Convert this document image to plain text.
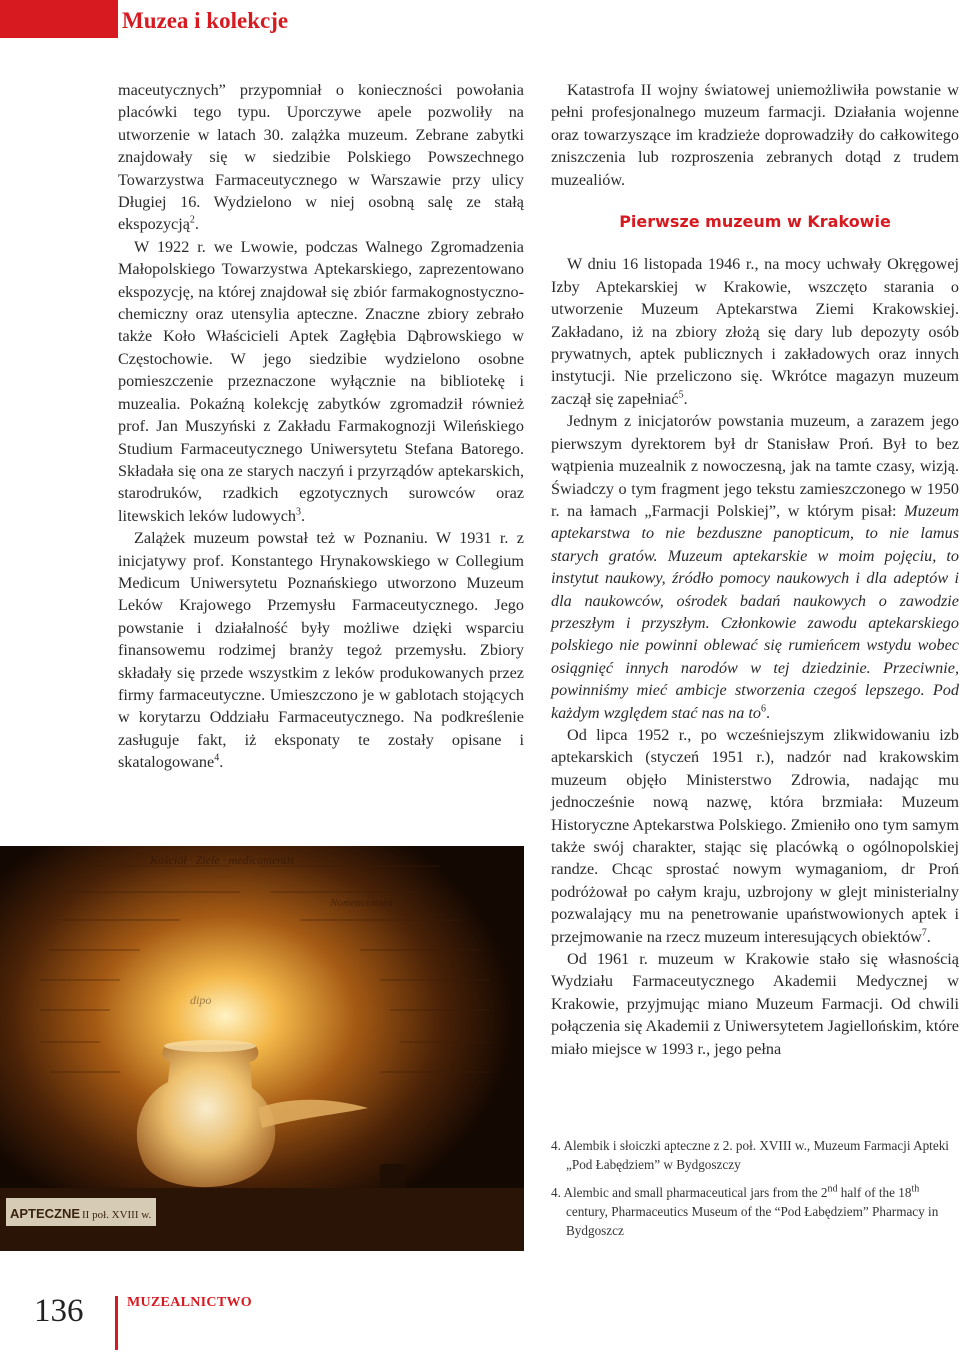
Muzea i kolekcje

maceutycznych” przypomniał o konieczności powołania placówki tego typu. Uporczywe apele pozwoliły na utworzenie w latach 30. zalążka muzeum. Zebrane zabytki znajdowały się w siedzibie Polskiego Powszechnego Towarzystwa Farmaceutycznego w Warszawie przy ulicy Długiej 16. Wydzielono w niej osobną salę ze stałą ekspozycją$^2$.

W 1922 r. we Lwowie, podczas Walnego Zgromadzenia Małopolskiego Towarzystwa Aptekarskiego, zaprezentowano ekspozycję, na której znajdował się zbiór farmakognostyczno-chemiczny oraz utensylia apteczne. Znaczne zbiory zebrało także Koło Właścicieli Aptek Zagłębia Dąbrowskiego w Częstochowie. W jego siedzibie wydzielono osobne pomieszczenie przeznaczone wyłącznie na bibliotekę i muzealia. Pokaźną kolekcję zabytków zgromadził również prof. Jan Muszyński z Zakładu Farmakognozji Wileńskiego Studium Farmaceutycznego Uniwersytetu Stefana Batorego. Składała się ona ze starych naczyń i przyrządów aptekarskich, starodruków, rzadkich egzotycznych surowców oraz litewskich leków ludowych$^3$.

Zalążek muzeum powstał też w Poznaniu. W 1931 r. z inicjatywy prof. Konstantego Hrynakowskiego w Collegium Medicum Uniwersytetu Poznańskiego utworzono Muzeum Leków Krajowego Przemysłu Farmaceutycznego. Jego powstanie i działalność były możliwe dzięki wsparciu finansowemu rodzimej branży tegoż przemysłu. Zbiory składały się przede wszystkim z leków produkowanych przez firmy farmaceutyczne. Umieszczono je w gablotach stojących w korytarzu Oddziału Farmaceutycznego. Na podkreślenie zasługuje fakt, iż eksponaty te zostały opisane i skatalogowane$^4$.

Katastrofa II wojny światowej uniemożliwiła powstanie w pełni profesjonalnego muzeum farmacji. Działania wojenne oraz towarzyszące im kradzieże doprowadziły do całkowitego zniszczenia lub rozproszenia zebranych dotąd z trudem muzealiów.

Pierwsze muzeum w Krakowie

W dniu 16 listopada 1946 r., na mocy uchwały Okręgowej Izby Aptekarskiej w Krakowie, wszczęto starania o utworzenie Muzeum Aptekarstwa Ziemi Krakowskiej. Zakładano, iż na zbiory złożą się dary lub depozyty osób prywatnych, aptek publicznych i zakładowych oraz innych instytucji. Nie przeliczono się. Wkrótce magazyn muzeum zaczął się zapełniać$^5$.

Jednym z inicjatorów powstania muzeum, a zarazem jego pierwszym dyrektorem był dr Stanisław Proń. Był to bez wątpienia muzealnik z nowoczesną, jak na tamte czasy, wizją. Świadczy o tym fragment jego tekstu zamieszczonego w 1950 r. na łamach „Farmacji Polskiej”, w którym pisał: Muzeum aptekarstwa to nie bezduszne panopticum, to nie lamus starych gratów. Muzeum aptekarskie w moim pojęciu, to instytut naukowy, źródło pomocy naukowych i dla adeptów i dla naukowców, ośrodek badań naukowych o zawodzie przeszłym i przyszłym. Członkowie zawodu aptekarskiego polskiego nie powinni oblewać się rumieńcem wstydu wobec osiągnięć innych narodów w tej dziedzinie. Przeciwnie, powinniśmy mieć ambicje stworzenia czegoś lepszego. Pod każdym względem stać nas na $to^6$.

Od lipca 1952 r., po wcześniejszym zlikwidowaniu izb aptekarskich (styczeń 1951 r.), nadzór nad krakowskim muzeum objęło Ministerstwo Zdrowia, nadając mu jednocześnie nową nazwę, która brzmiała: Muzeum Historyczne Aptekarstwa Polskiego. Zmieniło ono tym samym także swój charakter, stając się placówką o ogólnopolskiej randze. Chcąc sprostać nowym wymaganiom, dr Proń podróżował po całym kraju, uzbrojony w glejt ministerialny pozwalający mu na penetrowanie upaństwowionych aptek i przejmowanie na rzecz muzeum interesujących obiektów$^7$.

Od 1961 r. muzeum w Krakowie stało się własnością Wydziału Farmaceutycznego Akademii Medycznej w Krakowie, przyjmując miano Muzeum Farmacji. Od chwili połączenia się Akademii z Uniwersytetem Jagiellońskim, które miało miejsce w 1993 r., jego pełna

Kościół · Ziele · medicamentis
Nomenclatura
dipo
APTECZNE II poł. XVIII w.

4. Alembik i słoiczki apteczne z 2. poł. XVIII w., Muzeum Farmacji Apteki „Pod Łabędziem” w Bydgoszczy

4. Alembic and small pharmaceutical jars from the 2nd half of the 18th century, Pharmaceutics Museum of the “Pod Łabędziem” Pharmacy in Bydgoszcz

136	MUZEALNICTWO
